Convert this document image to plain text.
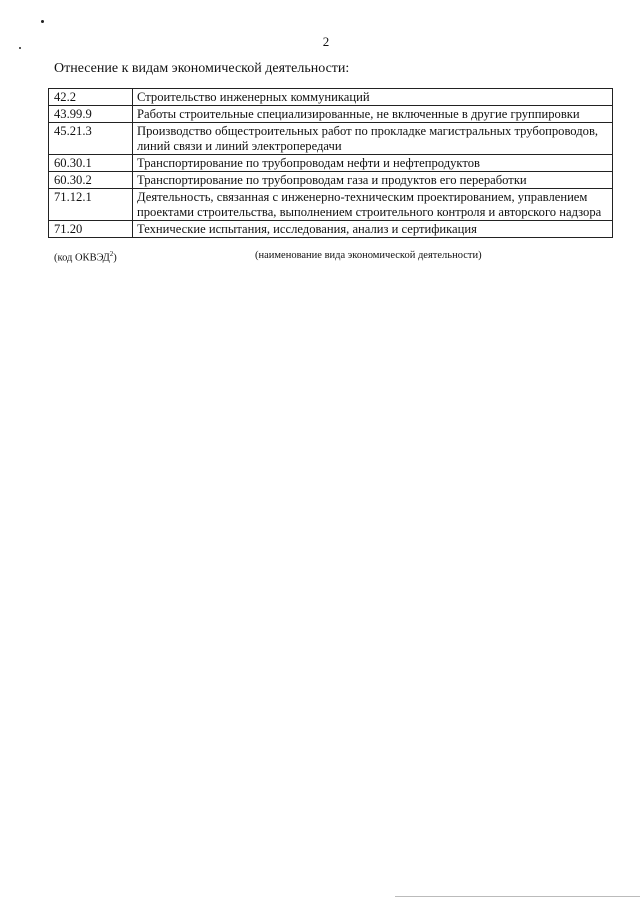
2
Отнесение к видам экономической деятельности:
42.2	Строительство инженерных коммуникаций
43.99.9	Работы строительные специализированные, не включенные в другие группировки
45.21.3	Производство общестроительных работ по прокладке магистральных трубопроводов, линий связи и линий электропередачи
60.30.1	Транспортирование по трубопроводам нефти и нефтепродуктов
60.30.2	Транспортирование по трубопроводам газа и продуктов его переработки
71.12.1	Деятельность, связанная с инженерно-техническим проектированием, управлением проектами строительства, выполнением строительного контроля и авторского надзора
71.20	Технические испытания, исследования, анализ и сертификация
(код ОКВЭД$^2$)	(наименование вида экономической деятельности)
